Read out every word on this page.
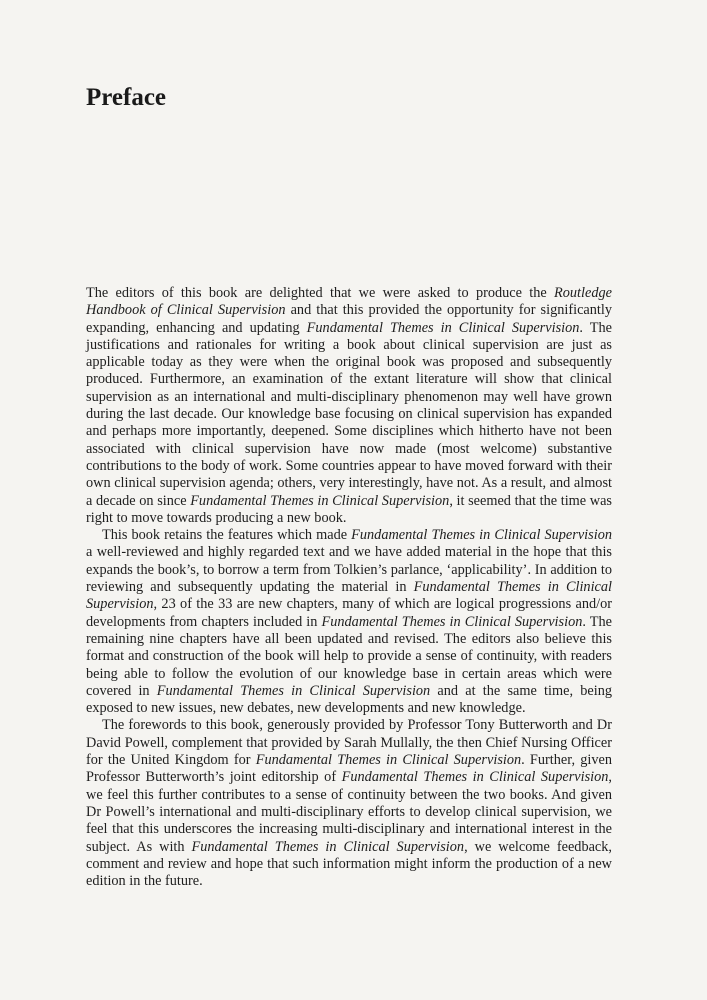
Preface

The editors of this book are delighted that we were asked to produce the Routledge Handbook of Clinical Supervision and that this provided the opportunity for significantly expanding, enhancing and updating Fundamental Themes in Clinical Supervision. The justifications and rationales for writing a book about clinical supervision are just as applicable today as they were when the original book was proposed and subsequently produced. Furthermore, an examination of the extant literature will show that clinical supervision as an international and multi-disciplinary phenomenon may well have grown during the last decade. Our knowledge base focusing on clinical supervision has expanded and perhaps more importantly, deepened. Some disciplines which hitherto have not been associated with clinical supervision have now made (most welcome) substantive contributions to the body of work. Some countries appear to have moved forward with their own clinical supervision agenda; others, very interestingly, have not. As a result, and almost a decade on since Fundamental Themes in Clinical Supervision, it seemed that the time was right to move towards producing a new book.

This book retains the features which made Fundamental Themes in Clinical Supervision a well-reviewed and highly regarded text and we have added material in the hope that this expands the book’s, to borrow a term from Tolkien’s parlance, ‘applicability’. In addition to reviewing and subsequently updating the material in Fundamental Themes in Clinical Supervision, 23 of the 33 are new chapters, many of which are logical progressions and/or developments from chapters included in Fundamental Themes in Clinical Supervision. The remaining nine chapters have all been updated and revised. The editors also believe this format and construction of the book will help to provide a sense of continuity, with readers being able to follow the evolution of our knowledge base in certain areas which were covered in Fundamental Themes in Clinical Supervision and at the same time, being exposed to new issues, new debates, new developments and new knowledge.

The forewords to this book, generously provided by Professor Tony Butterworth and Dr David Powell, complement that provided by Sarah Mullally, the then Chief Nursing Officer for the United Kingdom for Fundamental Themes in Clinical Supervision. Further, given Professor Butterworth’s joint editorship of Fundamental Themes in Clinical Supervision, we feel this further contributes to a sense of continuity between the two books. And given Dr Powell’s international and multi-disciplinary efforts to develop clinical supervision, we feel that this underscores the increasing multi-disciplinary and international interest in the subject. As with Fundamental Themes in Clinical Supervision, we welcome feedback, comment and review and hope that such information might inform the production of a new edition in the future.
